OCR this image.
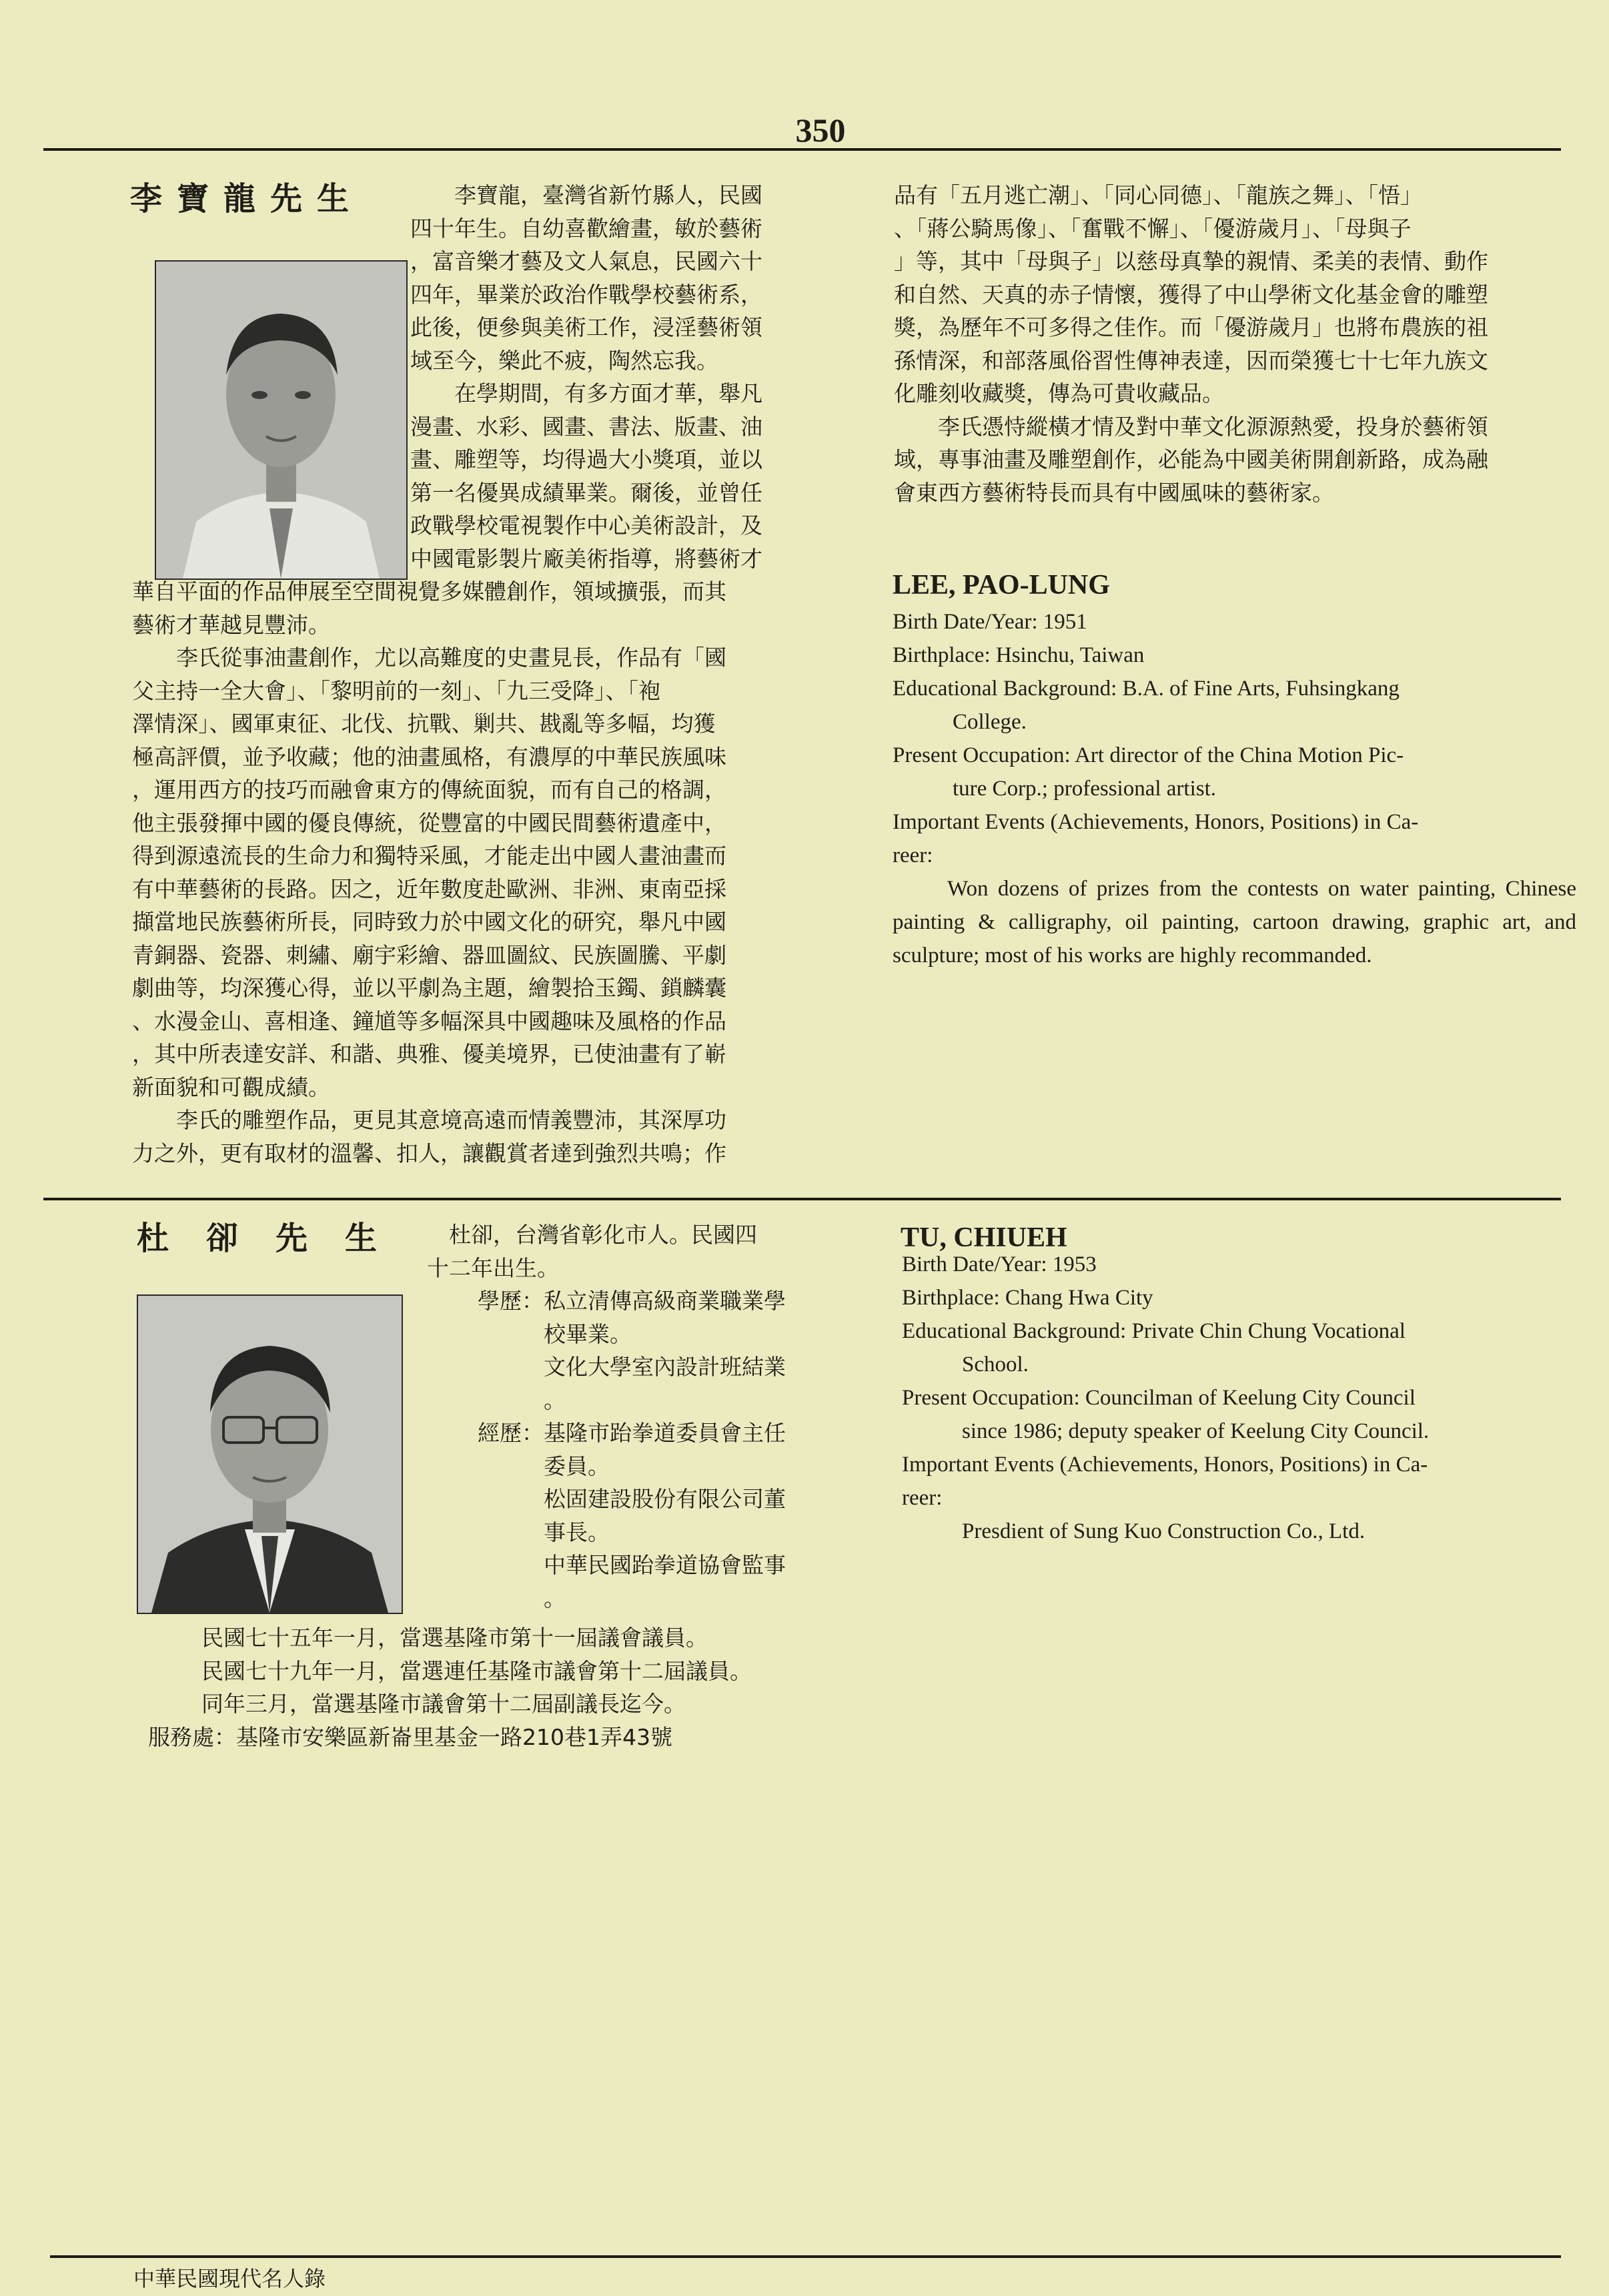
350
李寶龍先生 　　李寶龍，臺灣省新竹縣人，民國

四十年生。自幼喜歡繪畫，敏於藝術

，富音樂才藝及文人氣息，民國六十

四年，畢業於政治作戰學校藝術系，

此後，便參與美術工作，浸淫藝術領

域至今，樂此不疲，陶然忘我。

　　在學期間，有多方面才華，舉凡

漫畫、水彩、國畫、書法、版畫、油

畫、雕塑等，均得過大小獎項，並以

第一名優異成績畢業。爾後，並曾任

政戰學校電視製作中心美術設計，及

中國電影製片廠美術指導，將藝術才

華自平面的作品伸展至空間視覺多媒體創作，領域擴張，而其

藝術才華越見豐沛。

　　李氏從事油畫創作，尤以高難度的史畫見長，作品有「國

父主持一全大會」、「黎明前的一刻」、「九三受降」、「袍

澤情深」、國軍東征、北伐、抗戰、剿共、戡亂等多幅，均獲

極高評價，並予收藏；他的油畫風格，有濃厚的中華民族風味

，運用西方的技巧而融會東方的傳統面貌，而有自己的格調，

他主張發揮中國的優良傳統，從豐富的中國民間藝術遺產中，

得到源遠流長的生命力和獨特采風，才能走出中國人畫油畫而

有中華藝術的長路。因之，近年數度赴歐洲、非洲、東南亞採

擷當地民族藝術所長，同時致力於中國文化的研究，舉凡中國

青銅器、瓷器、刺繡、廟宇彩繪、器皿圖紋、民族圖騰、平劇

劇曲等，均深獲心得，並以平劇為主題，繪製拾玉鐲、鎖麟囊

、水漫金山、喜相逢、鐘馗等多幅深具中國趣味及風格的作品

，其中所表達安詳、和諧、典雅、優美境界，已使油畫有了嶄

新面貌和可觀成績。

　　李氏的雕塑作品，更見其意境高遠而情義豐沛，其深厚功

力之外，更有取材的溫馨、扣人，讓觀賞者達到強烈共鳴；作

品有「五月逃亡潮」、「同心同德」、「龍族之舞」、「悟」

、「蔣公騎馬像」、「奮戰不懈」、「優游歲月」、「母與子

」等，其中「母與子」以慈母真摯的親情、柔美的表情、動作

和自然、天真的赤子情懷，獲得了中山學術文化基金會的雕塑

獎，為歷年不可多得之佳作。而「優游歲月」也將布農族的祖

孫情深，和部落風俗習性傳神表達，因而榮獲七十七年九族文

化雕刻收藏獎，傳為可貴收藏品。

　　李氏憑恃縱橫才情及對中華文化源源熱愛，投身於藝術領

域，專事油畫及雕塑創作，必能為中國美術開創新路，成為融

會東西方藝術特長而具有中國風味的藝術家。

LEE, PAO-LUNG

Birth Date/Year: 1951

Birthplace: Hsinchu, Taiwan

Educational Background: B.A. of Fine Arts, Fuhsingkang

College.

Present Occupation: Art director of the China Motion Pic-

ture Corp.; professional artist.

Important Events (Achievements, Honors, Positions) in Ca-

reer:

Won dozens of prizes from the contests on water painting, Chinese painting & calligraphy, oil painting, cartoon drawing, graphic art, and sculpture; most of his works are highly recommanded.

杜卻先生 　杜卻，台灣省彰化市人。民國四

十二年出生。

學歷： 私立清傳高級商業職業學
校畢業。
文化大學室內設計班結業
。
經歷： 基隆市跆拳道委員會主任
委員。
松固建設股份有限公司董
事長。
中華民國跆拳道協會監事
。

民國七十五年一月，當選基隆市第十一屆議會議員。

民國七十九年一月，當選連任基隆市議會第十二屆議員。

同年三月，當選基隆市議會第十二屆副議長迄今。

服務處：基隆市安樂區新崙里基金一路210巷1弄43號

TU, CHIUEH

Birth Date/Year: 1953

Birthplace: Chang Hwa City

Educational Background: Private Chin Chung Vocational

School.

Present Occupation: Councilman of Keelung City Council

since 1986; deputy speaker of Keelung City Council.

Important Events (Achievements, Honors, Positions) in Ca-

reer:

Presdient of Sung Kuo Construction Co., Ltd.

中華民國現代名人錄
